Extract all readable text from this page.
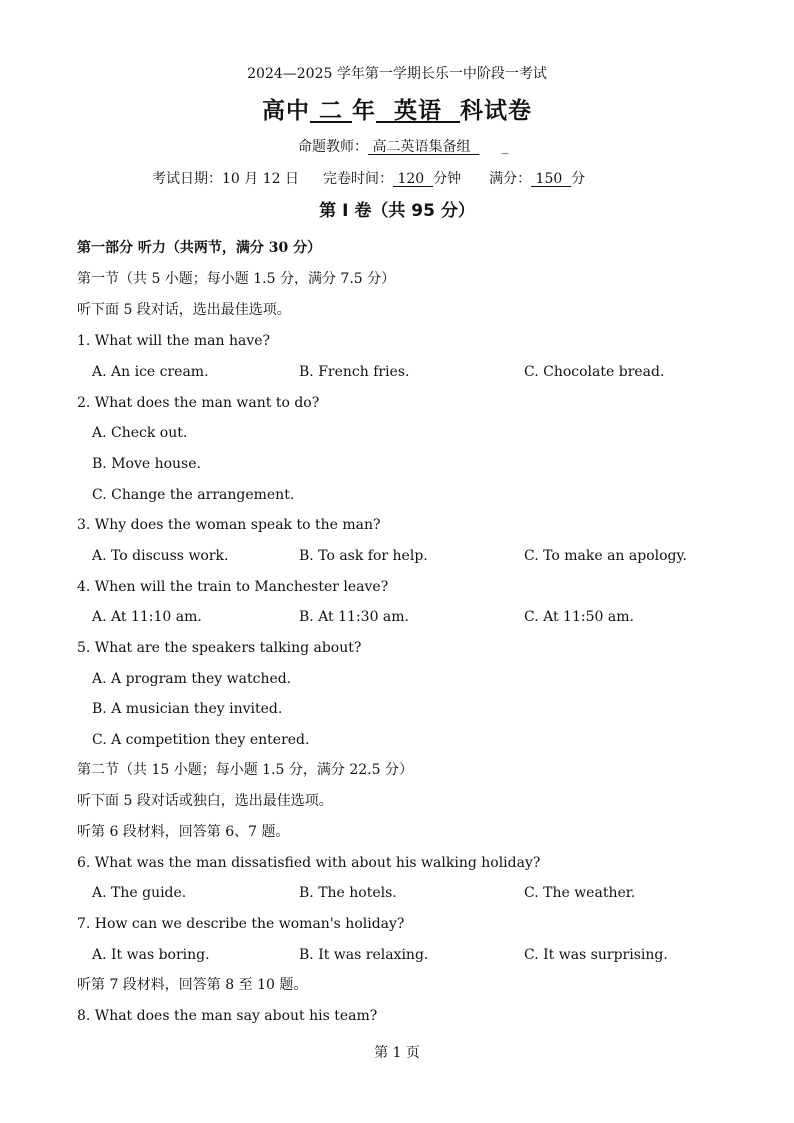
2024—2025 学年第一学期长乐一中阶段一考试
高中 二 年 英语 科试卷
命题教师： 高二英语集备组 _
考试日期：10 月 12 日 完卷时间： 120 分钟 满分： 150 分
第 I 卷（共 95 分）
第一部分 听力（共两节，满分 30 分）
第一节（共 5 小题；每小题 1.5 分，满分 7.5 分）
听下面 5 段对话，选出最佳选项。
1. What will the man have?
A. An ice cream.	B. French fries.	C. Chocolate bread.
2. What does the man want to do?
A. Check out.
B. Move house.
C. Change the arrangement.
3. Why does the woman speak to the man?
A. To discuss work.	B. To ask for help.	C. To make an apology.
4. When will the train to Manchester leave?
A. At 11:10 am.	B. At 11:30 am.	C. At 11:50 am.
5. What are the speakers talking about?
A. A program they watched.
B. A musician they invited.
C. A competition they entered.
第二节（共 15 小题；每小题 1.5 分，满分 22.5 分）
听下面 5 段对话或独白，选出最佳选项。
听第 6 段材料，回答第 6、7 题。
6. What was the man dissatisfied with about his walking holiday?
A. The guide.	B. The hotels.	C. The weather.
7. How can we describe the woman's holiday?
A. It was boring.	B. It was relaxing.	C. It was surprising.
听第 7 段材料，回答第 8 至 10 题。
8. What does the man say about his team?
第 1 页
